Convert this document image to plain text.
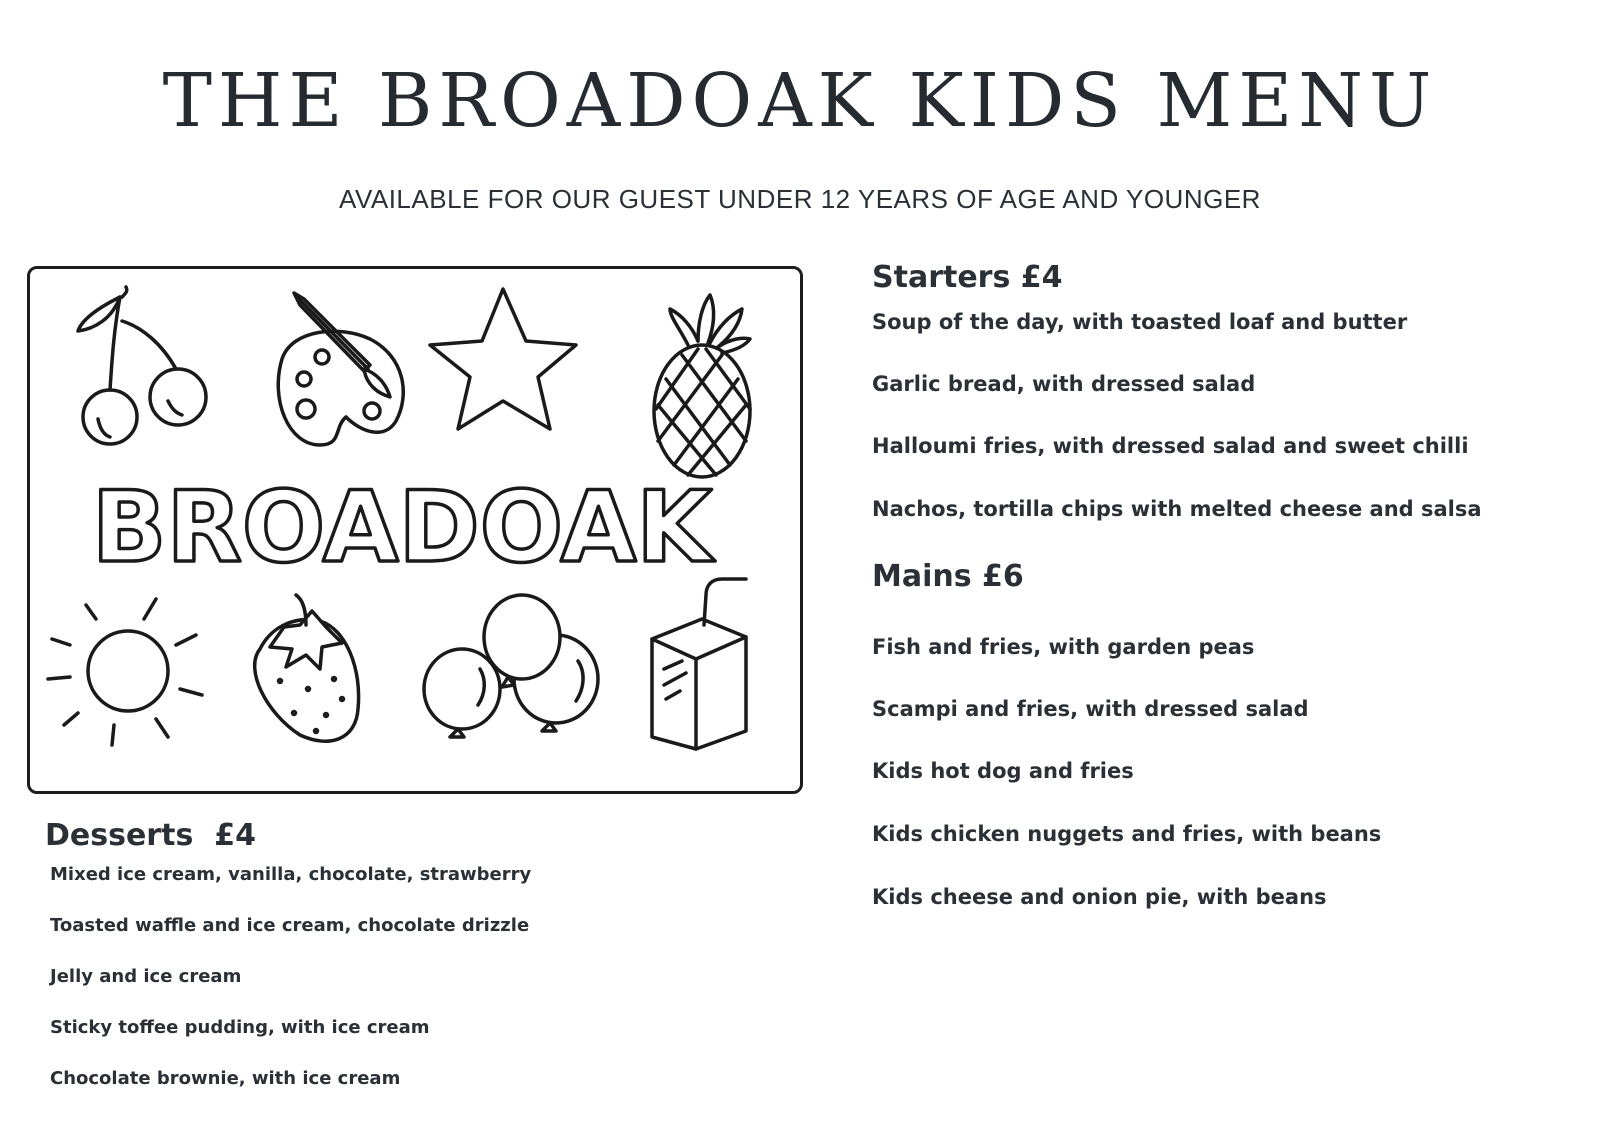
THE BROADOAK KIDS MENU
AVAILABLE FOR OUR GUEST UNDER 12 YEARS OF AGE AND YOUNGER
BROADOAK
Starters £4
Soup of the day, with toasted loaf and butter
Garlic bread, with dressed salad
Halloumi fries, with dressed salad and sweet chilli
Nachos, tortilla chips with melted cheese and salsa
Mains £6
Fish and fries, with garden peas
Scampi and fries, with dressed salad
Kids hot dog and fries
Kids chicken nuggets and fries, with beans
Kids cheese and onion pie, with beans
Desserts  £4
Mixed ice cream, vanilla, chocolate, strawberry
Toasted waffle and ice cream, chocolate drizzle
Jelly and ice cream
Sticky toffee pudding, with ice cream
Chocolate brownie, with ice cream
